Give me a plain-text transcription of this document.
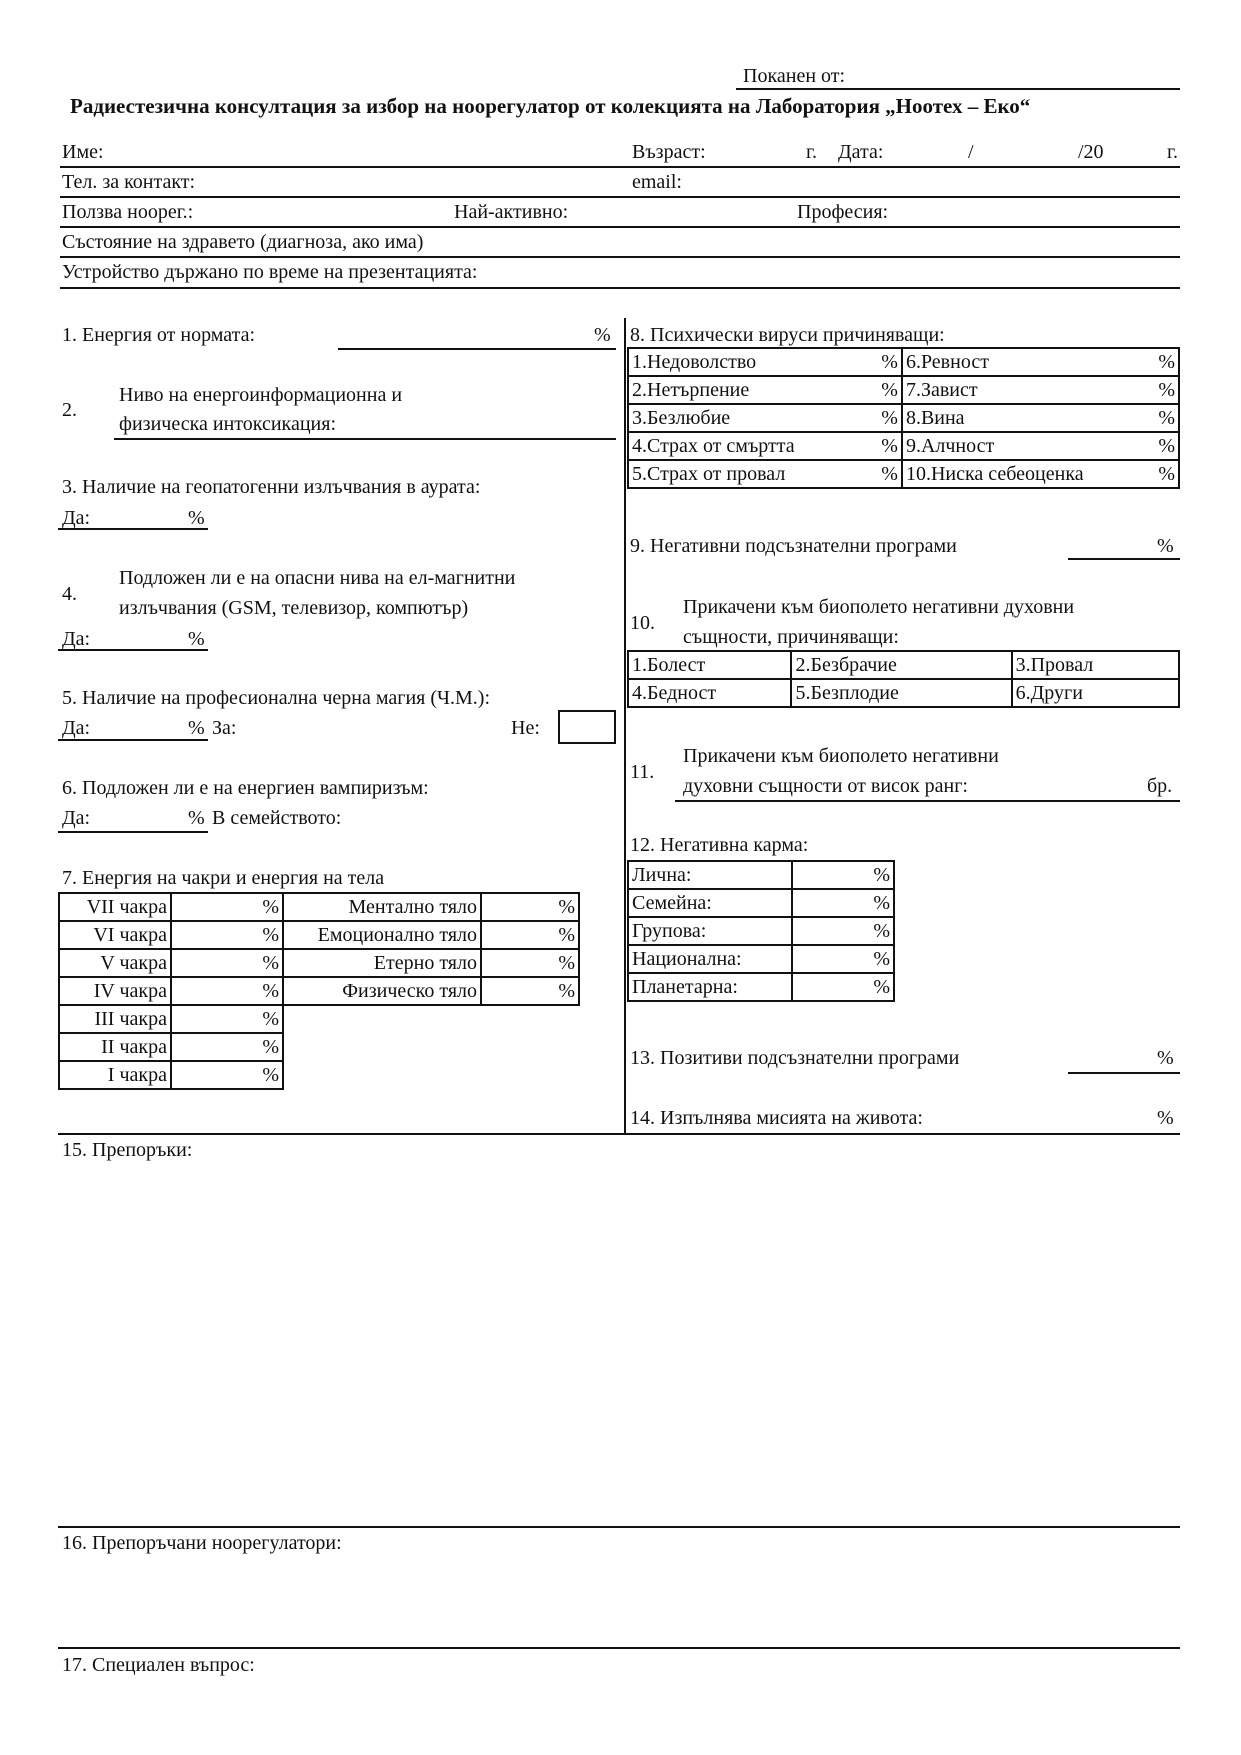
Поканен от:
Радиестезична консултация за избор на ноорегулатор от колекцията на Лаборатория „Ноотех – Еко“
Име:	Възраст:	г. Дата:	/	/20	г.
Тел. за контакт:	email:
Ползва ноорег.:	Най-активно:	Професия:
Състояние на здравето (диагноза, ако има)
Устройство държано по време на презентацията:
1. Енергия от нормата:	%
2.
Ниво на енергоинформационна и
физическа интоксикация:
3. Наличие на геопатогенни излъчвания в аурата:
Да:	%
4.
Подложен ли е на опасни нива на ел-магнитни
излъчвания (GSM, телевизор, компютър)
Да:	%
5. Наличие на професионална черна магия (Ч.М.):
Да:	% За:	Не:
6. Подложен ли е на енергиен вампиризъм:
Да:	% В семейството:
7. Енергия на чакри и енергия на тела
VII чакра	%	Ментално тяло	%
VI чакра	%	Емоционално тяло	%
V чакра	%	Етерно тяло	%
IV чакра	%	Физическо тяло	%
III чакра	%		
II чакра	%		
I чакра	%		
8. Психически вируси причиняващи:
1.Недоволство %	6.Ревност %

2.Нетърпение %	7.Завист %

3.Безлюбие %	8.Вина %

4.Страх от смъртта %	9.Алчност %

5.Страх от провал %	10.Ниска себеоценка %
9. Негативни подсъзнателни програми	%
10.
Прикачени към биополето негативни духовни
същности, причиняващи:
1.Болест	2.Безбрачие	3.Провал
4.Бедност	5.Безплодие	6.Други
11.
Прикачени към биополето негативни
духовни същности от висок ранг:	бр.
12. Негативна карма:
Лична:	%
Семейна:	%
Групова:	%
Национална:	%
Планетарна:	%
13. Позитиви подсъзнателни програми	%
14. Изпълнява мисията на живота:	%
15. Препоръки:
16. Препоръчани ноорегулатори:
17. Специален въпрос:
